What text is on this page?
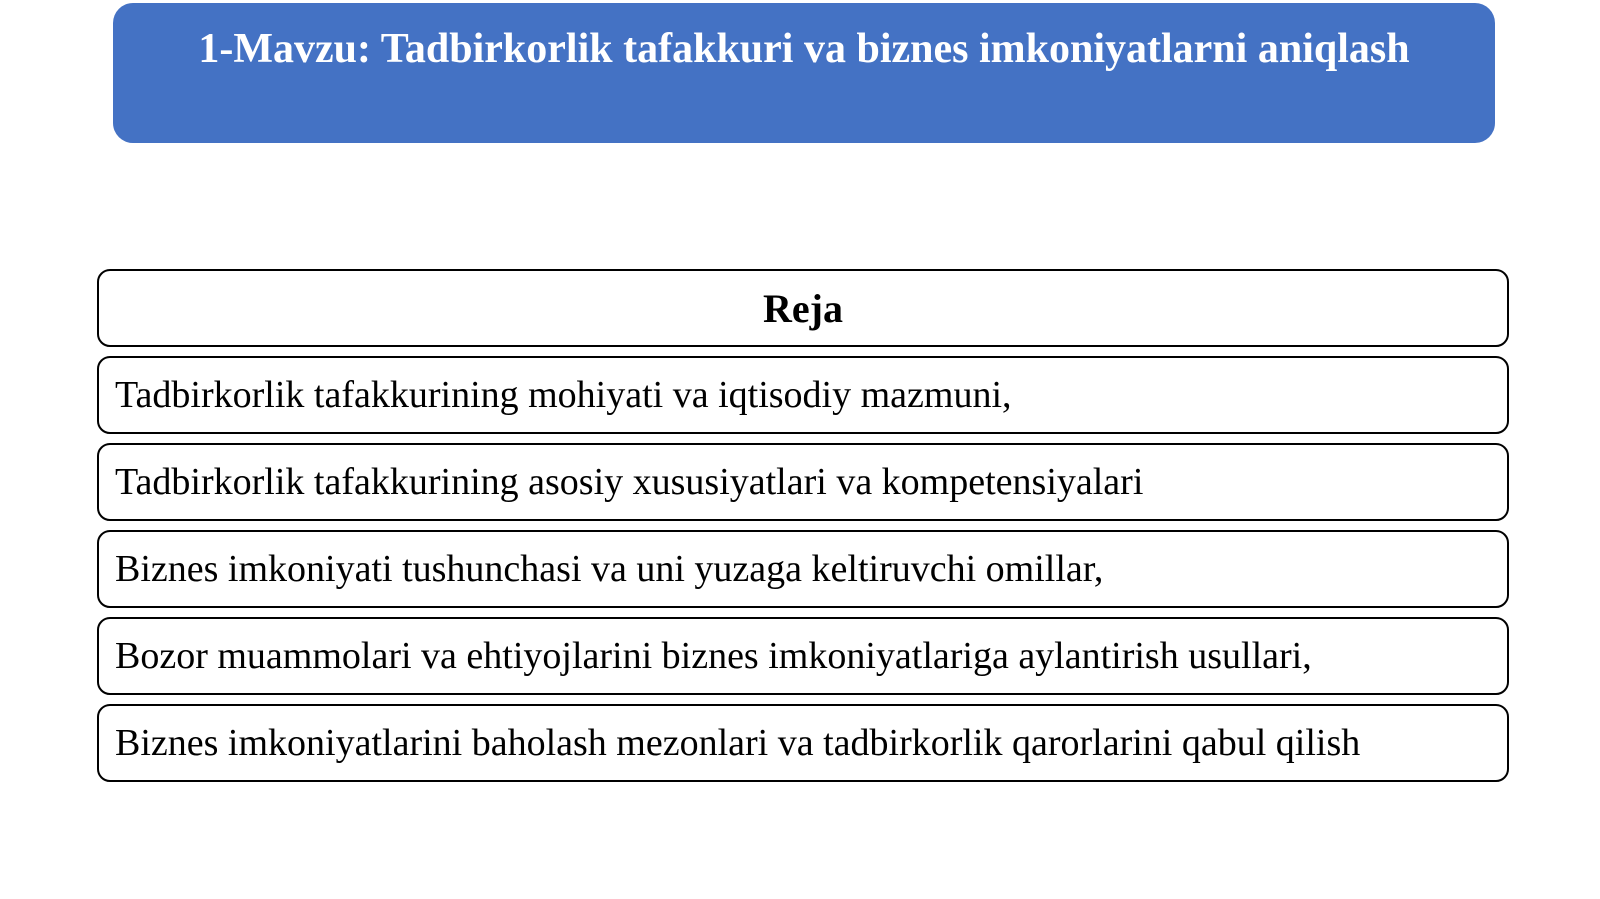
1-Mavzu: Tadbirkorlik tafakkuri va biznes imkoniyatlarni aniqlash
Reja
Tadbirkorlik tafakkurining mohiyati va iqtisodiy mazmuni,
Tadbirkorlik tafakkurining asosiy xususiyatlari va kompetensiyalari
Biznes imkoniyati tushunchasi va uni yuzaga keltiruvchi omillar,
Bozor muammolari va ehtiyojlarini biznes imkoniyatlariga aylantirish usullari,
Biznes imkoniyatlarini baholash mezonlari va tadbirkorlik qarorlarini qabul qilish
